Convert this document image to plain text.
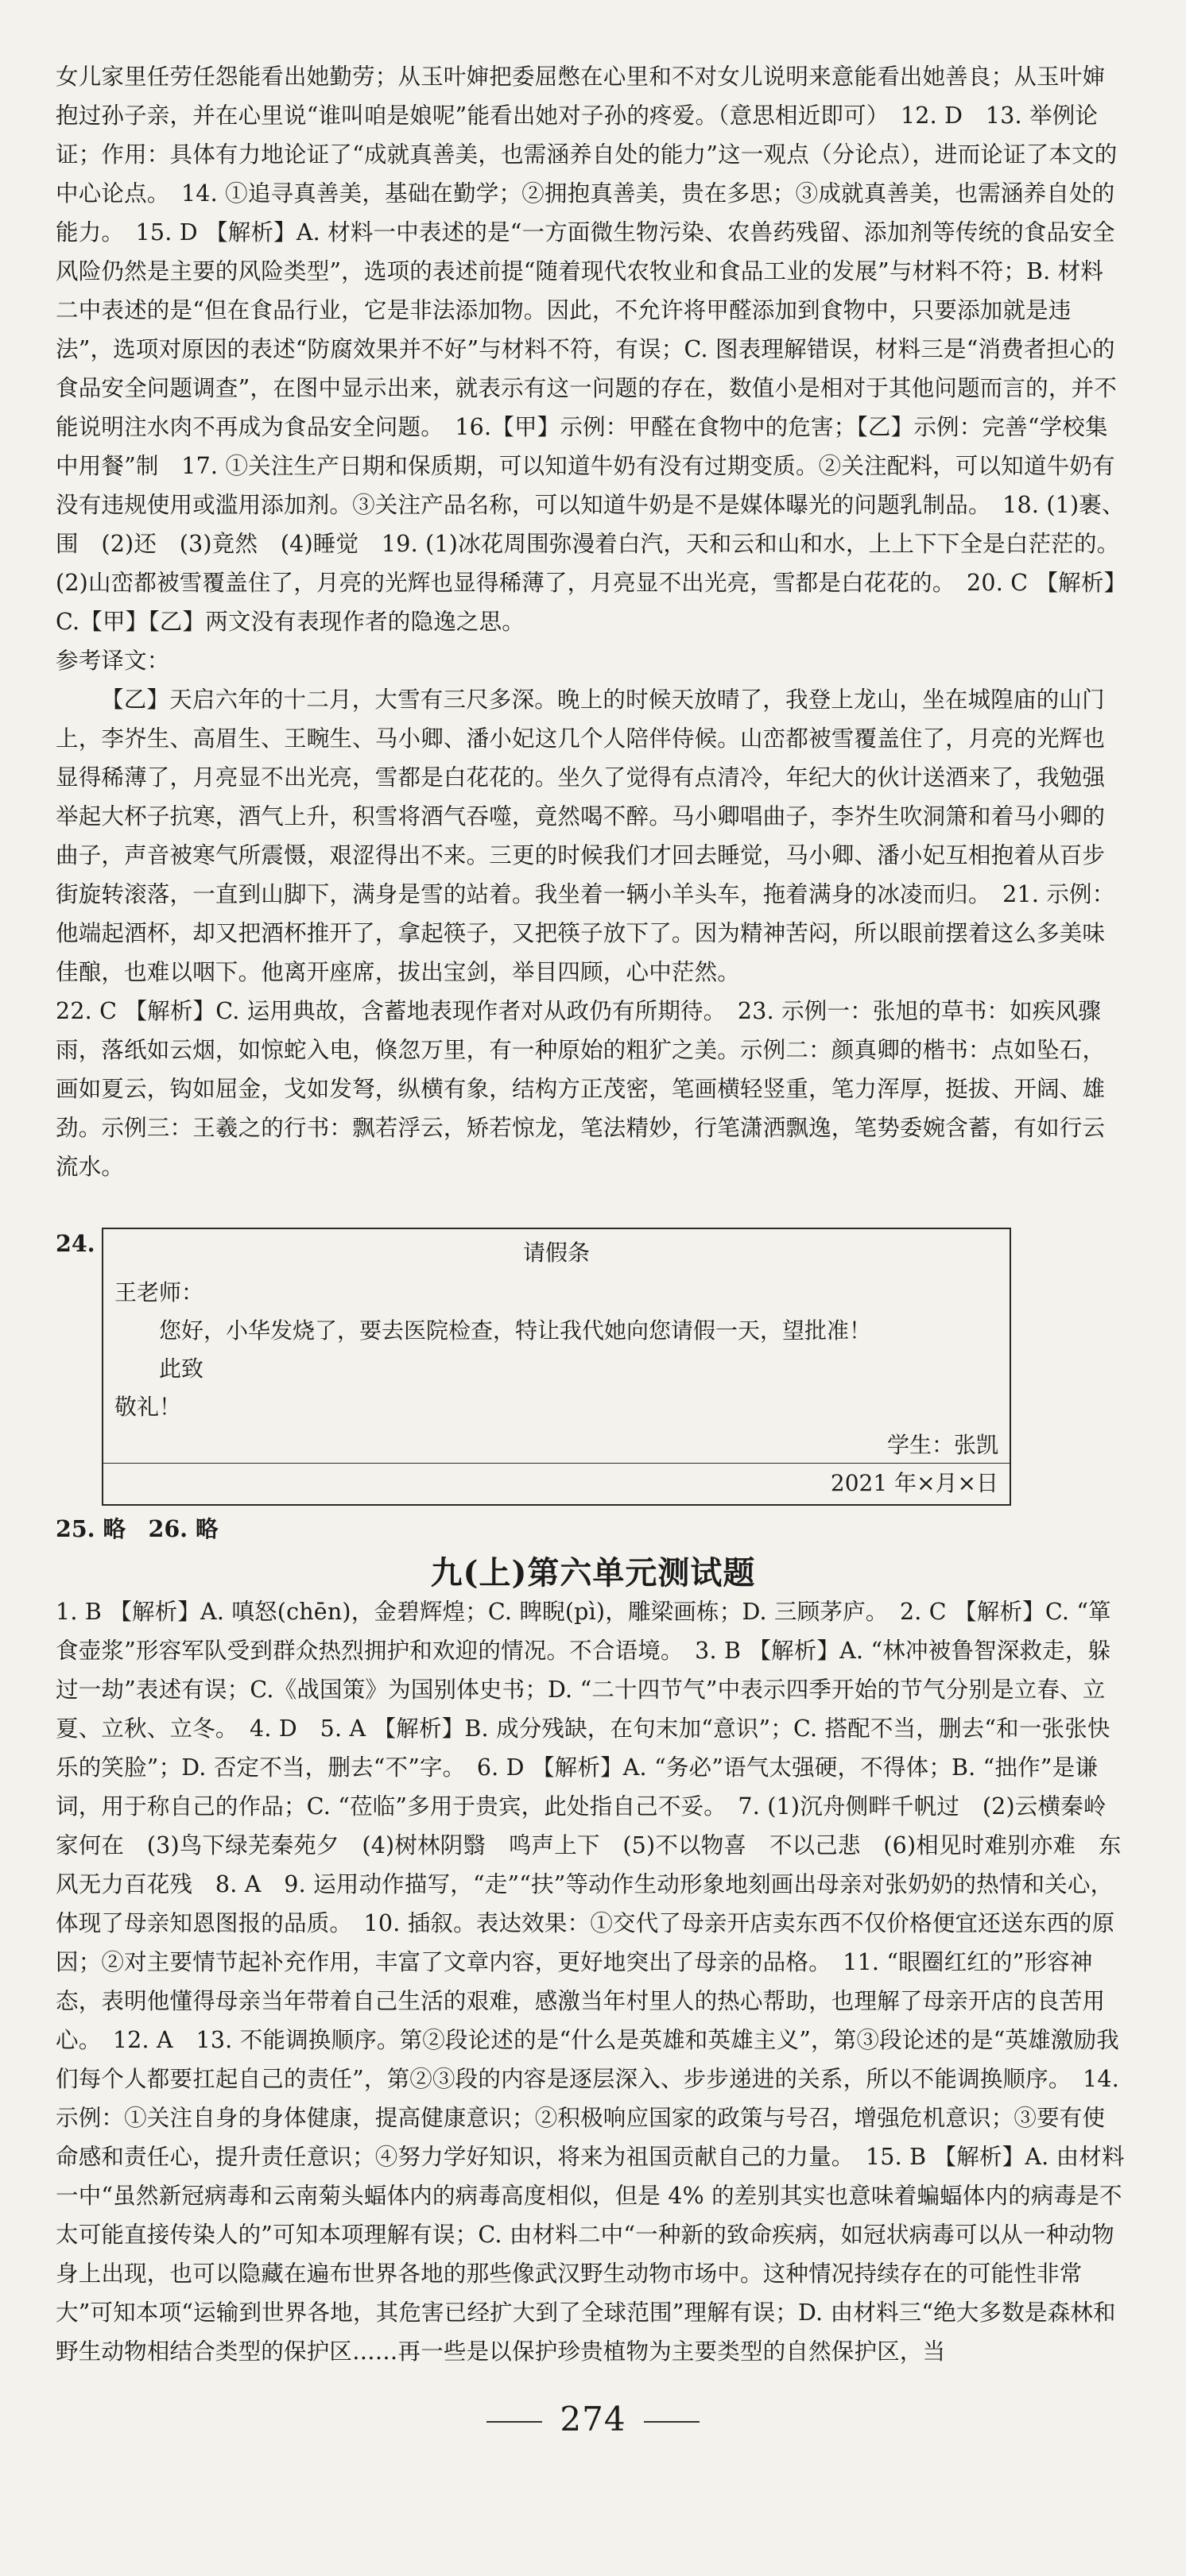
女儿家里任劳任怨能看出她勤劳；从玉叶婶把委屈憋在心里和不对女儿说明来意能看出她善良；从玉叶婶抱过孙子亲，并在心里说“谁叫咱是娘呢”能看出她对子孙的疼爱。（意思相近即可）　12. D　13. 举例论证；作用：具体有力地论证了“成就真善美，也需涵养自处的能力”这一观点（分论点），进而论证了本文的中心论点。　14. ①追寻真善美，基础在勤学；②拥抱真善美，贵在多思；③成就真善美，也需涵养自处的能力。　15. D 【解析】A. 材料一中表述的是“一方面微生物污染、农兽药残留、添加剂等传统的食品安全风险仍然是主要的风险类型”，选项的表述前提“随着现代农牧业和食品工业的发展”与材料不符；B. 材料二中表述的是“但在食品行业，它是非法添加物。因此，不允许将甲醛添加到食物中，只要添加就是违法”，选项对原因的表述“防腐效果并不好”与材料不符，有误；C. 图表理解错误，材料三是“消费者担心的食品安全问题调查”，在图中显示出来，就表示有这一问题的存在，数值小是相对于其他问题而言的，并不能说明注水肉不再成为食品安全问题。　16.【甲】示例：甲醛在食物中的危害；【乙】示例：完善“学校集中用餐”制　17. ①关注生产日期和保质期，可以知道牛奶有没有过期变质。②关注配料，可以知道牛奶有没有违规使用或滥用添加剂。③关注产品名称，可以知道牛奶是不是媒体曝光的问题乳制品。　18. (1)裹、围　(2)还　(3)竟然　(4)睡觉　19. (1)冰花周围弥漫着白汽，天和云和山和水，上上下下全是白茫茫的。　(2)山峦都被雪覆盖住了，月亮的光辉也显得稀薄了，月亮显不出光亮，雪都是白花花的。　20. C 【解析】C.【甲】【乙】两文没有表现作者的隐逸之思。

参考译文：

【乙】天启六年的十二月，大雪有三尺多深。晚上的时候天放晴了，我登上龙山，坐在城隍庙的山门上，李岕生、高眉生、王畹生、马小卿、潘小妃这几个人陪伴侍候。山峦都被雪覆盖住了，月亮的光辉也显得稀薄了，月亮显不出光亮，雪都是白花花的。坐久了觉得有点清冷，年纪大的伙计送酒来了，我勉强举起大杯子抗寒，酒气上升，积雪将酒气吞噬，竟然喝不醉。马小卿唱曲子，李岕生吹洞箫和着马小卿的曲子，声音被寒气所震慑，艰涩得出不来。三更的时候我们才回去睡觉，马小卿、潘小妃互相抱着从百步街旋转滚落，一直到山脚下，满身是雪的站着。我坐着一辆小羊头车，拖着满身的冰凌而归。　21. 示例：他端起酒杯，却又把酒杯推开了，拿起筷子，又把筷子放下了。因为精神苦闷，所以眼前摆着这么多美味佳酿，也难以咽下。他离开座席，拔出宝剑，举目四顾，心中茫然。

22. C 【解析】C. 运用典故，含蓄地表现作者对从政仍有所期待。　23. 示例一：张旭的草书：如疾风骤雨，落纸如云烟，如惊蛇入电，倏忽万里，有一种原始的粗犷之美。示例二：颜真卿的楷书：点如坠石，画如夏云，钩如屈金，戈如发弩，纵横有象，结构方正茂密，笔画横轻竖重，笔力浑厚，挺拔、开阔、雄劲。示例三：王羲之的行书：飘若浮云，矫若惊龙，笔法精妙，行笔潇洒飘逸，笔势委婉含蓄，有如行云流水。

24.	请假条
王老师：
您好，小华发烧了，要去医院检查，特让我代她向您请假一天，望批准！
此致
敬礼！
学生：张凯
2021 年×月×日
25. 略　26. 略
九(上)第六单元测试题

1. B 【解析】A. 嗔怒(chēn)，金碧辉煌；C. 睥睨(pì)，雕梁画栋；D. 三顾茅庐。　2. C 【解析】C. “箪食壶浆”形容军队受到群众热烈拥护和欢迎的情况。不合语境。　3. B 【解析】A. “林冲被鲁智深救走，躲过一劫”表述有误；C.《战国策》为国别体史书；D. “二十四节气”中表示四季开始的节气分别是立春、立夏、立秋、立冬。　4. D　5. A 【解析】B. 成分残缺，在句末加“意识”；C. 搭配不当，删去“和一张张快乐的笑脸”；D. 否定不当，删去“不”字。　6. D 【解析】A. “务必”语气太强硬，不得体；B. “拙作”是谦词，用于称自己的作品；C. “莅临”多用于贵宾，此处指自己不妥。　7. (1)沉舟侧畔千帆过　(2)云横秦岭家何在　(3)鸟下绿芜秦苑夕　(4)树林阴翳　鸣声上下　(5)不以物喜　不以己悲　(6)相见时难别亦难　东风无力百花残　8. A　9. 运用动作描写，“走”“扶”等动作生动形象地刻画出母亲对张奶奶的热情和关心，体现了母亲知恩图报的品质。　10. 插叙。表达效果：①交代了母亲开店卖东西不仅价格便宜还送东西的原因；②对主要情节起补充作用，丰富了文章内容，更好地突出了母亲的品格。　11. “眼圈红红的”形容神态，表明他懂得母亲当年带着自己生活的艰难，感激当年村里人的热心帮助，也理解了母亲开店的良苦用心。　12. A　13. 不能调换顺序。第②段论述的是“什么是英雄和英雄主义”，第③段论述的是“英雄激励我们每个人都要扛起自己的责任”，第②③段的内容是逐层深入、步步递进的关系，所以不能调换顺序。　14. 示例：①关注自身的身体健康，提高健康意识；②积极响应国家的政策与号召，增强危机意识；③要有使命感和责任心，提升责任意识；④努力学好知识，将来为祖国贡献自己的力量。　15. B 【解析】A. 由材料一中“虽然新冠病毒和云南菊头蝠体内的病毒高度相似，但是 4% 的差别其实也意味着蝙蝠体内的病毒是不太可能直接传染人的”可知本项理解有误；C. 由材料二中“一种新的致命疾病，如冠状病毒可以从一种动物身上出现，也可以隐藏在遍布世界各地的那些像武汉野生动物市场中。这种情况持续存在的可能性非常大”可知本项“运输到世界各地，其危害已经扩大到了全球范围”理解有误；D. 由材料三“绝大多数是森林和野生动物相结合类型的保护区……再一些是以保护珍贵植物为主要类型的自然保护区，当

274
